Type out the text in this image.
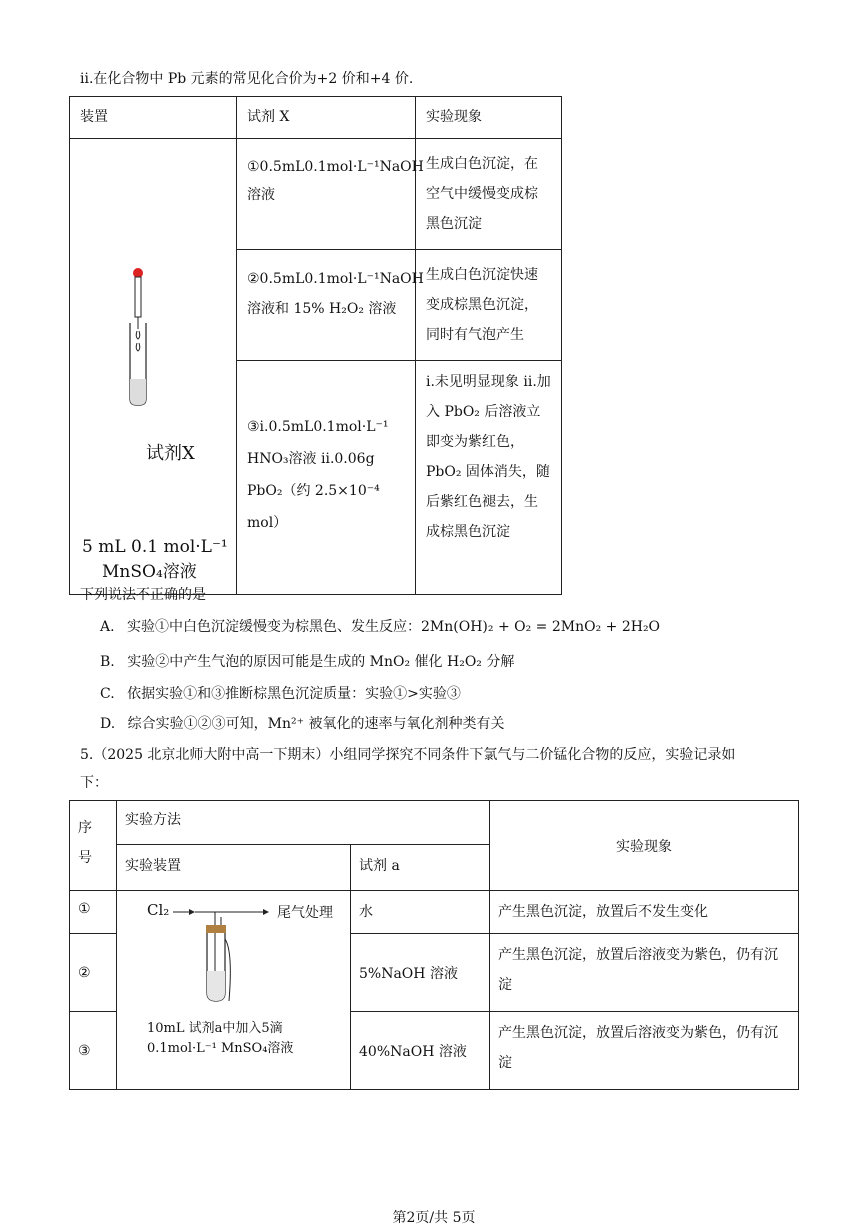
ⅱ.在化合物中 Pb 元素的常见化合价为+2 价和+4 价.
装置	试剂 X	实验现象

试剂X
5 mL 0.1 mol·L⁻¹
MnSO₄溶液	①0.5mL0.1mol·L⁻¹NaOH 溶液	生成白色沉淀，在空气中缓慢变成棕黑色沉淀

	②0.5mL0.1mol·L⁻¹NaOH 溶液和 15% H₂O₂ 溶液	生成白色沉淀快速变成棕黑色沉淀，同时有气泡产生

	③ⅰ.0.5mL0.1mol·L⁻¹ HNO₃溶液 ⅱ.0.06g PbO₂（约 2.5×10⁻⁴ mol）	ⅰ.未见明显现象 ⅱ.加入 PbO₂ 后溶液立即变为紫红色，PbO₂ 固体消失，随后紫红色褪去，生成棕黑色沉淀
下列说法不正确的是
A. 实验①中白色沉淀缓慢变为棕黑色、发生反应：2Mn(OH)₂ + O₂ = 2MnO₂ + 2H₂O
B. 实验②中产生气泡的原因可能是生成的 MnO₂ 催化 H₂O₂ 分解
C. 依据实验①和③推断棕黑色沉淀质量：实验①>实验③
D. 综合实验①②③可知，Mn²⁺ 被氧化的速率与氧化剂种类有关
5.（2025 北京北师大附中高一下期末）小组同学探究不同条件下氯气与二价锰化合物的反应，实验记录如
下：
序号	实验方法		实验现象

	实验装置	试剂 a	

①	Cl₂ 尾气处理
10mL 试剂a中加入5滴
0.1mol·L⁻¹ MnSO₄溶液	水	产生黑色沉淀，放置后不发生变化

②		5%NaOH 溶液	产生黑色沉淀，放置后溶液变为紫色，仍有沉淀

③		40%NaOH 溶液	产生黑色沉淀，放置后溶液变为紫色，仍有沉淀
第2页/共 5页
